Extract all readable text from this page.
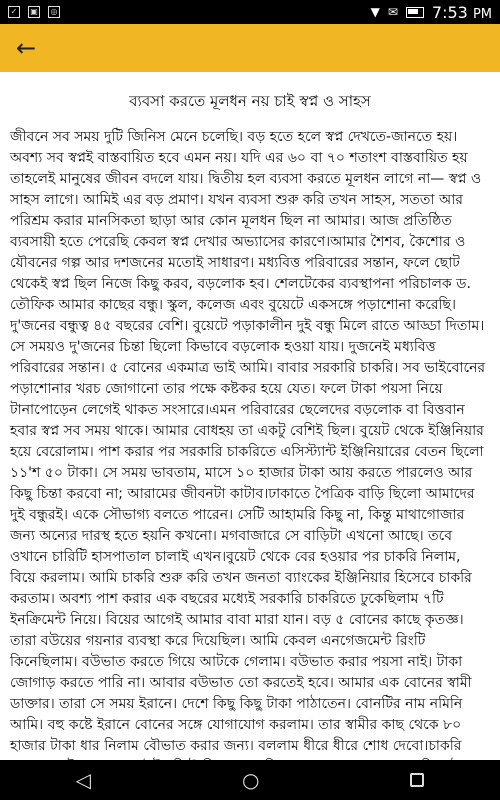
✓	▣	◎	▼ ✉ 7:53 PM
←
ব্যবসা করতে মূলধন নয় চাই স্বপ্ন ও সাহস
জীবনে সব সময় দুটি জিনিস মেনে চলেছি। বড় হতে হলে স্বপ্ন দেখতে-জানতে হয়। অবশ্য সব স্বপ্নই বাস্তবায়িত হবে এমন নয়। যদি এর ৬০ বা ৭০ শতাংশ বাস্তবায়িত হয় তাহলেই মানুষের জীবন বদলে যায়। দ্বিতীয় হল ব্যবসা করতে মূলধন লাগে না— স্বপ্ন ও সাহস লাগে। আমিই এর বড় প্রমাণ। যখন ব্যবসা শুরু করি তখন সাহস, সততা আর পরিশ্রম করার মানসিকতা ছাড়া আর কোন মূলধন ছিল না আমার। আজ প্রতিষ্ঠিত ব্যবসায়ী হতে পেরেছি কেবল স্বপ্ন দেখার অভ্যাসের কারণে।আমার শৈশব, কৈশোর ও যৌবনের গল্প আর দশজনের মতোই সাধারণ। মধ্যবিত্ত পরিবারের সন্তান, ফলে ছোট থেকেই স্বপ্ন ছিল নিজে কিছু করব, বড়লোক হব। শেলটেকের ব্যবস্থাপনা পরিচালক ড. তৌফিক আমার কাছের বন্ধু। স্কুল, কলেজ এবং বুয়েটে একসঙ্গে পড়াশোনা করেছি। দু'জনের বন্ধুত্ব ৪৫ বছরের বেশি। বুয়েটে পড়াকালীন দুই বন্ধু মিলে রাতে আড্ডা দিতাম। সে সময়ও দু'জনের চিন্তা ছিলো কিভাবে বড়লোক হওয়া যায়। দুজনেই মধ্যবিত্ত পরিবারের সন্তান। ৫ বোনের একমাত্র ভাই আমি। বাবার সরকারি চাকরি। সব ভাইবোনের পড়াশোনার খরচ জোগানো তার পক্ষে কষ্টকর হয়ে যেত। ফলে টাকা পয়সা নিয়ে টানাপোড়েন লেগেই থাকত সংসারে।এমন পরিবারের ছেলেদের বড়লোক বা বিত্তবান হবার স্বপ্ন সব সময় থাকে। আমার বোধহয় তা একটু বেশিই ছিল। বুয়েট থেকে ইঞ্জিনিয়ার হয়ে বেরোলাম। পাশ করার পর সরকারি চাকরিতে এসিস্ট্যান্ট ইঞ্জিনিয়ারের বেতন ছিলো ১১'শ ৫০ টাকা। সে সময় ভাবতাম, মাসে ১০ হাজার টাকা আয় করতে পারলেও আর কিছু চিন্তা করবো না; আরামের জীবনটা কাটাব।ঢাকাতে পৈত্রিক বাড়ি ছিলো আমাদের দুই বন্ধুরই। একে সৌভাগ্য বলতে পারেন। সেটি আহামরি কিছু না, কিন্তু মাথাগোজার জন্য অন্যের দারস্থ হতে হয়নি কখনো। মগবাজারে সে বাড়িটা এখনো আছে। তবে ওখানে চারিটি হাসপাতাল চালাই এখন।বুয়েট থেকে বের হওয়ার পর চাকরি নিলাম, বিয়ে করলাম। আমি চাকরি শুরু করি তখন জনতা ব্যাংকের ইঞ্জিনিয়ার হিসেবে চাকরি করতাম। অবশ্য পাশ করার এক বছরের মধ্যেই সরকারি চাকরিতে ঢুকেছিলাম ৭টি ইনক্রিমেন্ট নিয়ে। বিয়ের আগেই আমার বাবা মারা যান। বড় ৫ বোনের কাছে কৃতজ্ঞ। তারা বউয়ের গয়নার ব্যবস্থা করে দিয়েছিল। আমি কেবল এনগেজমেন্ট রিংটি কিনেছিলাম। বউভাত করতে গিয়ে আটকে গেলাম। বউভাত করার পয়সা নাই। টাকা জোগাড় করতে পারি না। আবার বউভাত তো করতেই হবে। আমার এক বোনের স্বামী ডাক্তার। তারা সে সময় ইরানে। দেশে কিছু কিছু টাকা পাঠাতেন। বোনটির নাম নমিনি আমি। বহু কষ্টে ইরানে বোনের সঙ্গে যোগাযোগ করলাম। তার স্বামীর কাছ থেকে ৮০ হাজার টাকা ধার নিলাম বৌভাত করার জন্য। বললাম ধীরে ধীরে শোধ দেবো।চাকরি
◁	○
